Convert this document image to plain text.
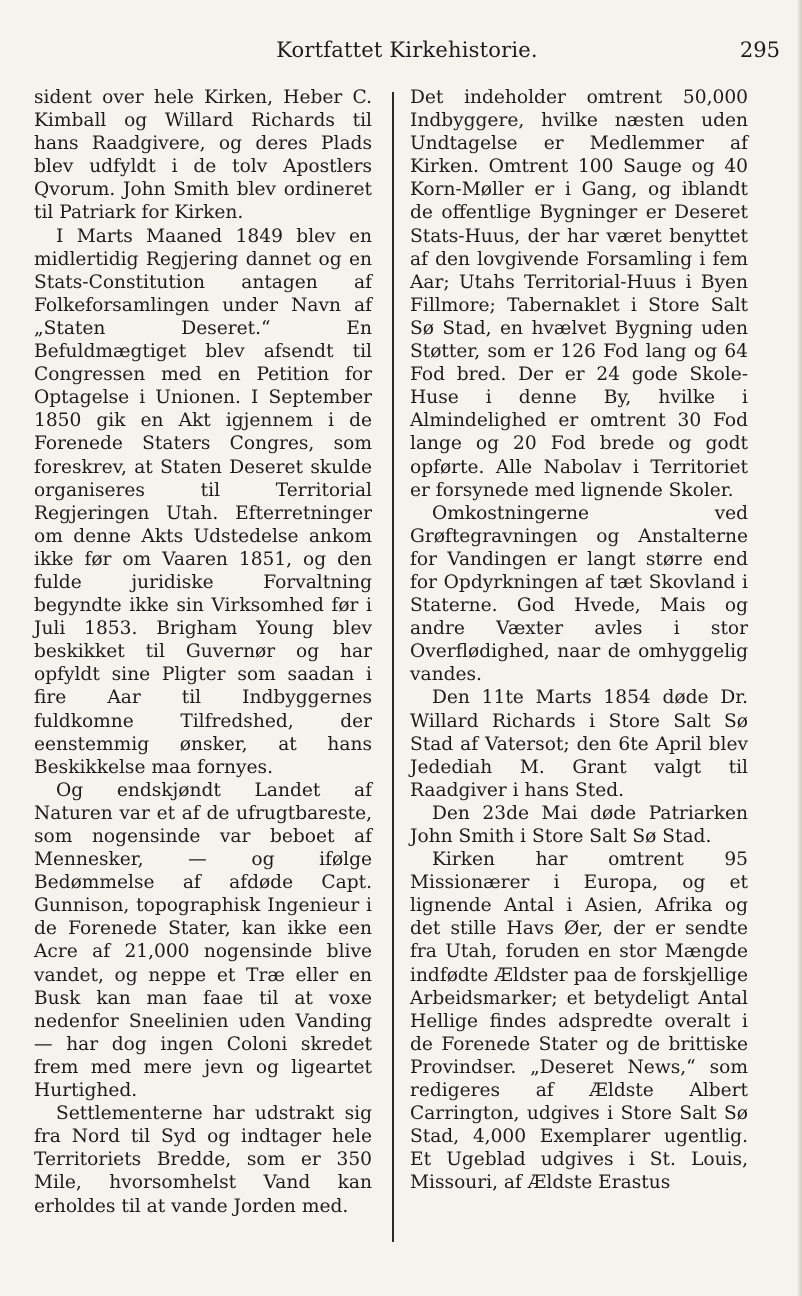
Kortfattet Kirkehistorie.	295

sident over hele Kirken, Heber C. Kimball og Willard Richards til hans Raadgivere, og deres Plads blev udfyldt i de tolv Apostlers Qvorum. John Smith blev ordineret til Patriark for Kirken.

I Marts Maaned 1849 blev en midlertidig Regjering dannet og en Stats-Constitution antagen af Folkeforsamlingen under Navn af „Staten Deseret.“ En Befuldmægtiget blev afsendt til Congressen med en Petition for Optagelse i Unionen. I September 1850 gik en Akt igjennem i de Forenede Staters Congres, som foreskrev, at Staten Deseret skulde organiseres til Territorial Regjeringen Utah. Efterretninger om denne Akts Udstedelse ankom ikke før om Vaaren 1851, og den fulde juridiske Forvaltning begyndte ikke sin Virksomhed før i Juli 1853. Brigham Young blev beskikket til Guvernør og har opfyldt sine Pligter som saadan i fire Aar til Indbyggernes fuldkomne Tilfredshed, der eenstemmig ønsker, at hans Beskikkelse maa fornyes.

Og endskjøndt Landet af Naturen var et af de ufrugtbareste, som nogensinde var beboet af Mennesker, — og ifølge Bedømmelse af afdøde Capt. Gunnison, topographisk Ingenieur i de Forenede Stater, kan ikke een Acre af 21,000 nogensinde blive vandet, og neppe et Træ eller en Busk kan man faae til at voxe nedenfor Sneelinien uden Vanding — har dog ingen Coloni skredet frem med mere jevn og ligeartet Hurtighed.

Settlementerne har udstrakt sig fra Nord til Syd og indtager hele Territoriets Bredde, som er 350 Mile, hvorsomhelst Vand kan erholdes til at vande Jorden med.

Det indeholder omtrent 50,000 Indbyggere, hvilke næsten uden Undtagelse er Medlemmer af Kirken. Omtrent 100 Sauge og 40 Korn-Møller er i Gang, og iblandt de offentlige Bygninger er Deseret Stats-Huus, der har været benyttet af den lovgivende Forsamling i fem Aar; Utahs Territorial-Huus i Byen Fillmore; Tabernaklet i Store Salt Sø Stad, en hvælvet Bygning uden Støtter, som er 126 Fod lang og 64 Fod bred. Der er 24 gode Skole-Huse i denne By, hvilke i Almindelighed er omtrent 30 Fod lange og 20 Fod brede og godt opførte. Alle Nabolav i Territoriet er forsynede med lignende Skoler.

Omkostningerne ved Grøftegravningen og Anstalterne for Vandingen er langt større end for Opdyrkningen af tæt Skovland i Staterne. God Hvede, Mais og andre Væxter avles i stor Overflødighed, naar de omhyggelig vandes.

Den 11te Marts 1854 døde Dr. Willard Richards i Store Salt Sø Stad af Vatersot; den 6te April blev Jedediah M. Grant valgt til Raadgiver i hans Sted.

Den 23de Mai døde Patriarken John Smith i Store Salt Sø Stad.

Kirken har omtrent 95 Missionærer i Europa, og et lignende Antal i Asien, Afrika og det stille Havs Øer, der er sendte fra Utah, foruden en stor Mængde indfødte Ældster paa de forskjellige Arbeidsmarker; et betydeligt Antal Hellige findes adspredte overalt i de Forenede Stater og de brittiske Provindser. „Deseret News,“ som redigeres af Ældste Albert Carrington, udgives i Store Salt Sø Stad, 4,000 Exemplarer ugentlig. Et Ugeblad udgives i St. Louis, Missouri, af Ældste Erastus
